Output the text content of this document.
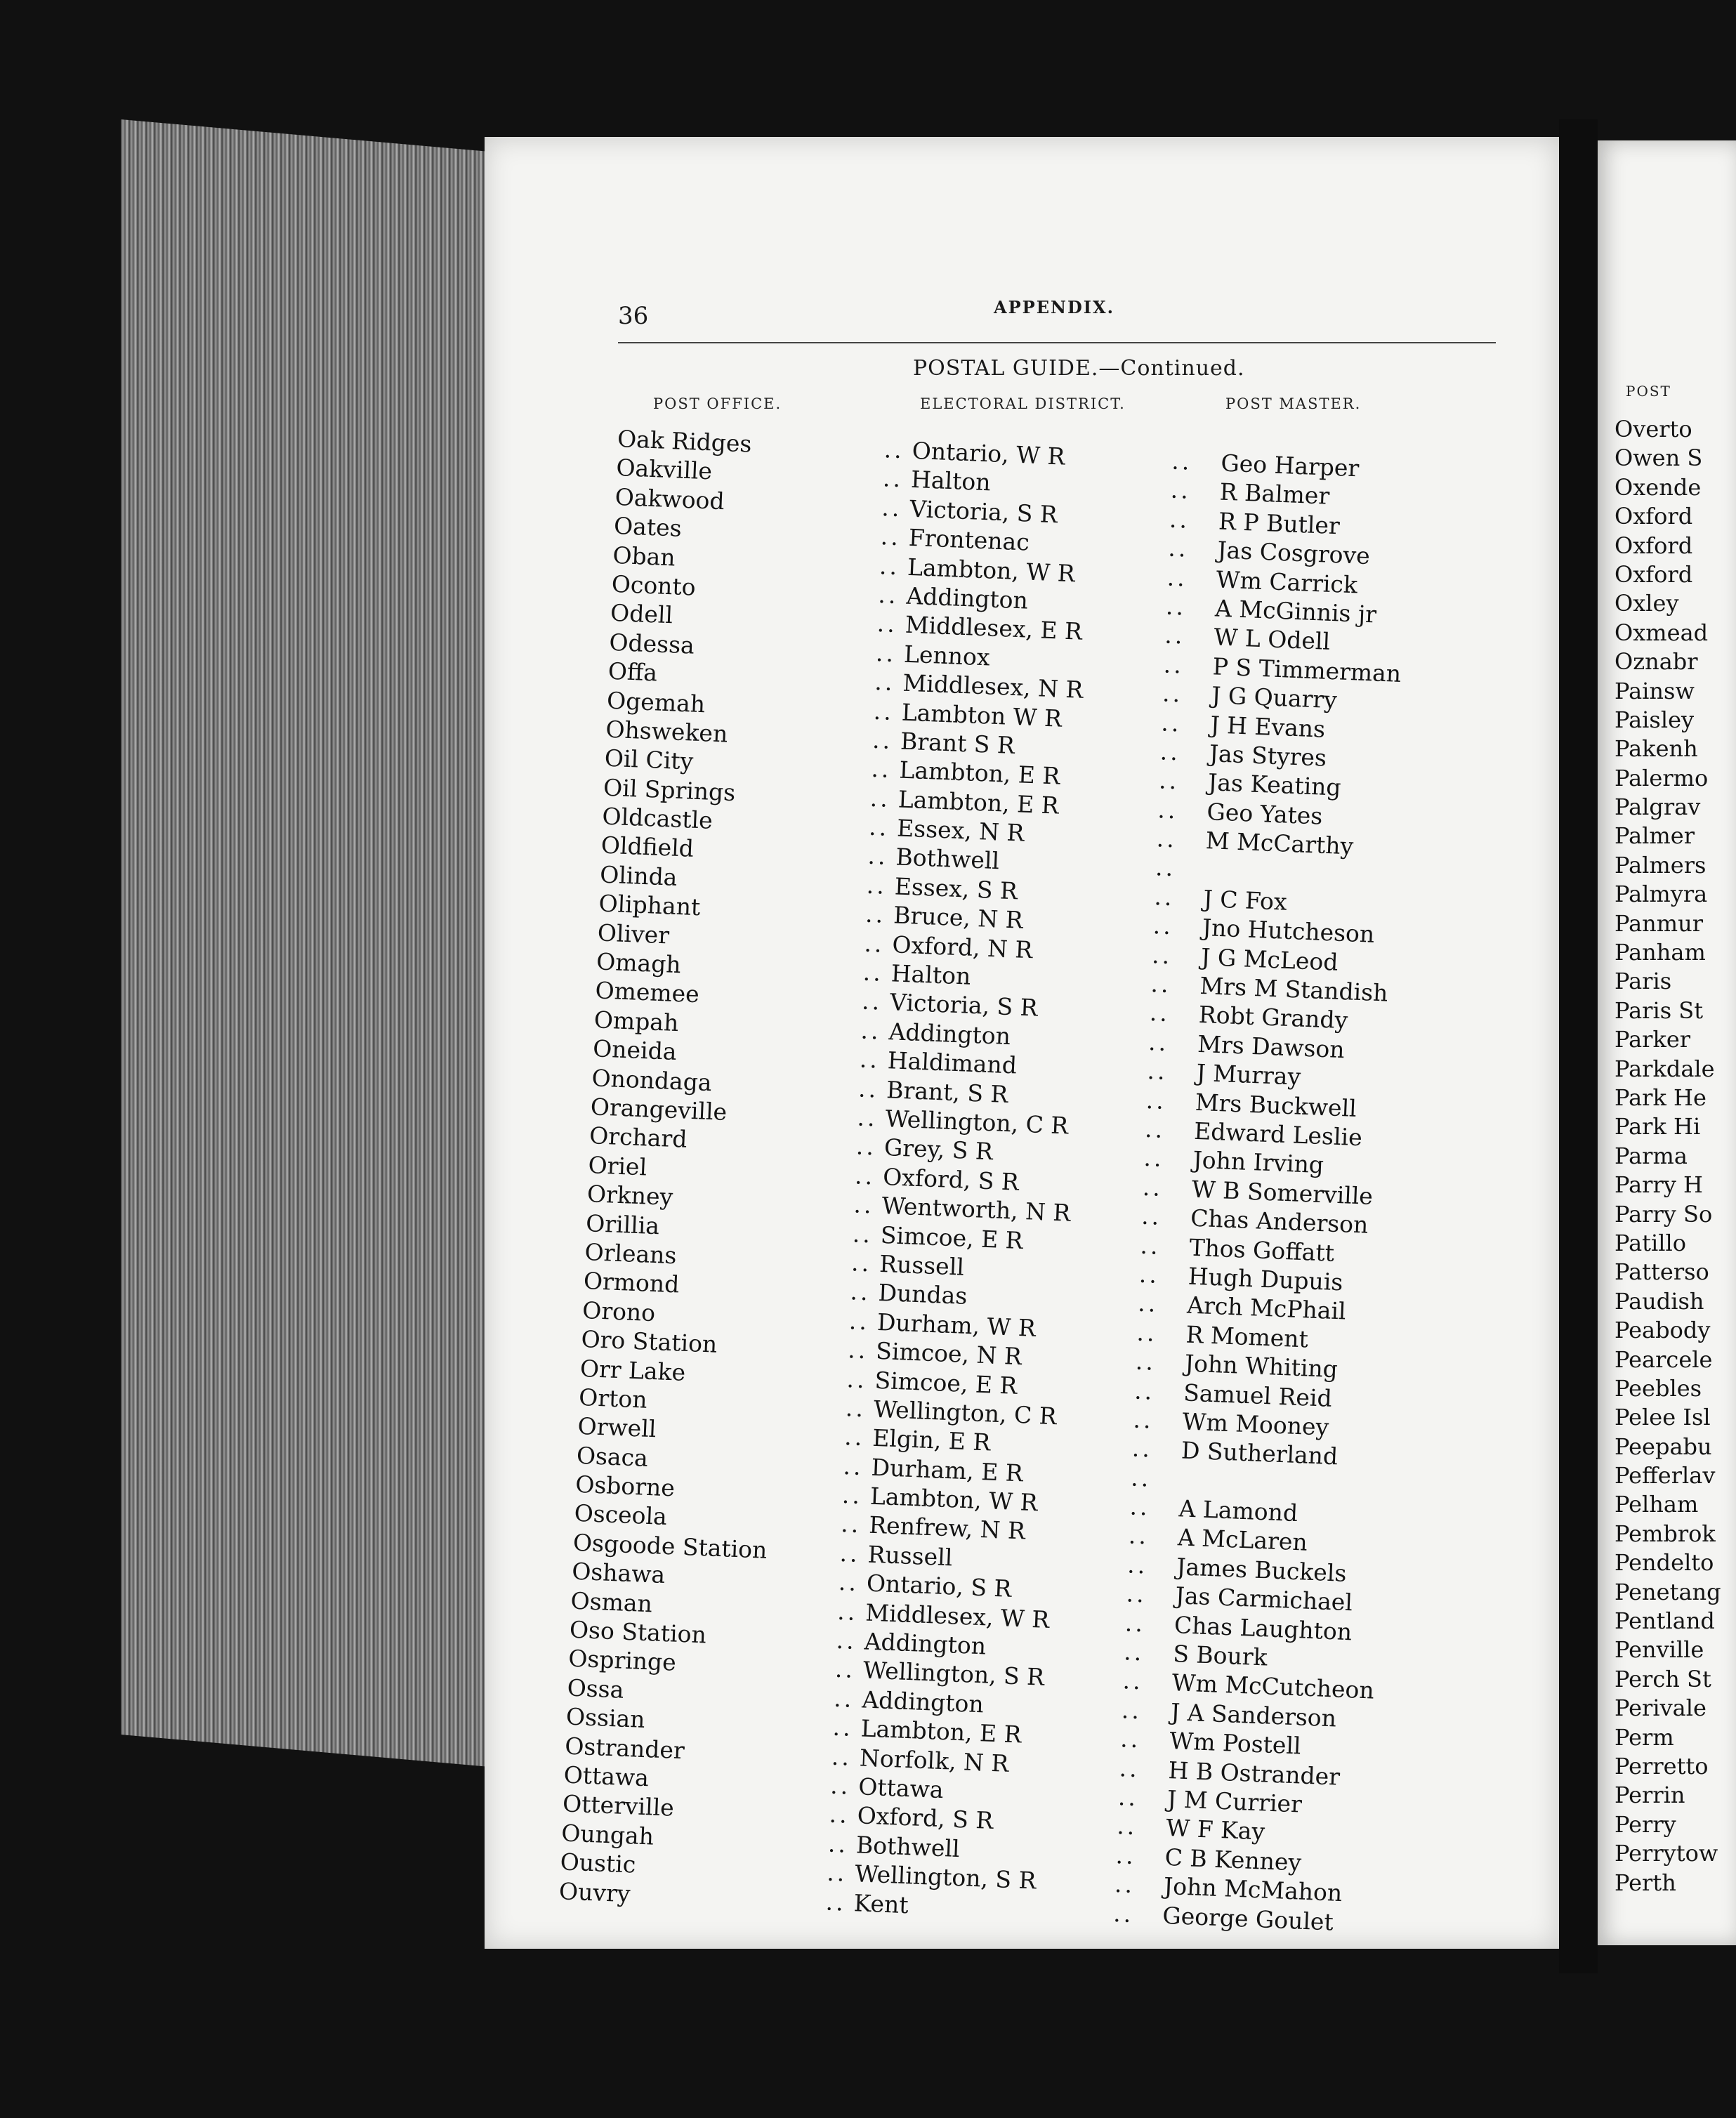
36	APPENDIX.
POSTAL GUIDE.—Continued.
POST OFFICE.	ELECTORAL DISTRICT.	POST MASTER.
Oak Ridges	.. Ontario, W R	.. Geo Harper
Oakville	.. Halton	.. R Balmer
Oakwood	.. Victoria, S R	.. R P Butler
Oates	.. Frontenac	.. Jas Cosgrove
Oban	.. Lambton, W R	.. Wm Carrick
Oconto	.. Addington	.. A McGinnis jr
Odell	.. Middlesex, E R	.. W L Odell
Odessa	.. Lennox	.. P S Timmerman
Offa	.. Middlesex, N R	.. J G Quarry
Ogemah	.. Lambton W R	.. J H Evans
Ohsweken	.. Brant S R	.. Jas Styres
Oil City	.. Lambton, E R	.. Jas Keating
Oil Springs	.. Lambton, E R	.. Geo Yates
Oldcastle	.. Essex, N R	.. M McCarthy
Oldfield	.. Bothwell	..
Olinda	.. Essex, S R	.. J C Fox
Oliphant	.. Bruce, N R	.. Jno Hutcheson
Oliver	.. Oxford, N R	.. J G McLeod
Omagh	.. Halton	.. Mrs M Standish
Omemee	.. Victoria, S R	.. Robt Grandy
Ompah	.. Addington	.. Mrs Dawson
Oneida	.. Haldimand	.. J Murray
Onondaga	.. Brant, S R	.. Mrs Buckwell
Orangeville	.. Wellington, C R	.. Edward Leslie
Orchard	.. Grey, S R	.. John Irving
Oriel	.. Oxford, S R	.. W B Somerville
Orkney	.. Wentworth, N R	.. Chas Anderson
Orillia	.. Simcoe, E R	.. Thos Goffatt
Orleans	.. Russell	.. Hugh Dupuis
Ormond	.. Dundas	.. Arch McPhail
Orono	.. Durham, W R	.. R Moment
Oro Station	.. Simcoe, N R	.. John Whiting
Orr Lake	.. Simcoe, E R	.. Samuel Reid
Orton	.. Wellington, C R	.. Wm Mooney
Orwell	.. Elgin, E R	.. D Sutherland
Osaca	.. Durham, E R	..
Osborne	.. Lambton, W R	.. A Lamond
Osceola	.. Renfrew, N R	.. A McLaren
Osgoode Station	.. Russell	.. James Buckels
Oshawa	.. Ontario, S R	.. Jas Carmichael
Osman	.. Middlesex, W R	.. Chas Laughton
Oso Station	.. Addington	.. S Bourk
Ospringe	.. Wellington, S R	.. Wm McCutcheon
Ossa	.. Addington	.. J A Sanderson
Ossian	.. Lambton, E R	.. Wm Postell
Ostrander	.. Norfolk, N R	.. H B Ostrander
Ottawa	.. Ottawa	.. J M Currier
Otterville	.. Oxford, S R	.. W F Kay
Oungah	.. Bothwell	.. C B Kenney
Oustic	.. Wellington, S R	.. John McMahon
Ouvry	.. Kent	.. George Goulet
POST
Overto
Owen S
Oxende
Oxford
Oxford
Oxford
Oxley
Oxmead
Oznabr
Painsw
Paisley
Pakenh
Palermo
Palgrav
Palmer
Palmers
Palmyra
Panmur
Panham
Paris
Paris St
Parker
Parkdale
Park He
Park Hi
Parma
Parry H
Parry So
Patillo
Patterso
Paudish
Peabody
Pearcele
Peebles
Pelee Isl
Peepabu
Pefferlav
Pelham
Pembrok
Pendelto
Penetang
Pentland
Penville
Perch St
Perivale
Perm
Perretto
Perrin
Perry
Perrytow
Perth
